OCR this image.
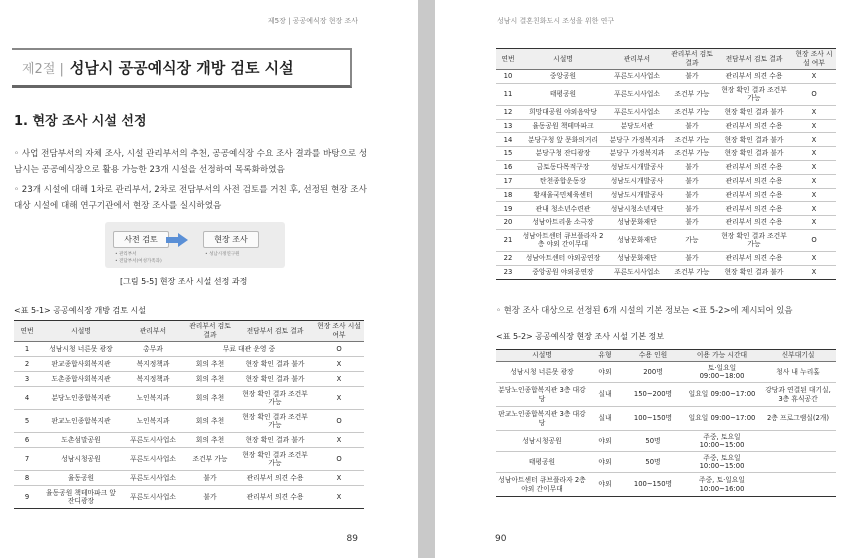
제5장 | 공공예식장 현장 조사
제2절 | 성남시 공공예식장 개방 검토 시설
1. 현장 조사 시설 선정
◦ 사업 전담부서의 자체 조사, 시설 관리부서의 추천, 공공예식장 수요 조사 결과를 바탕으로 성남시는 공공예식장으로 활용 가능한 23개 시설을 선정하여 목록화하였음
◦ 23개 시설에 대해 1차로 관리부서, 2차로 전담부서의 사전 검토를 거친 후, 선정된 현장 조사 대상 시설에 대해 연구기관에서 현장 조사를 실시하였음
사전 검토	현장 조사
• 관리부서
• 전담부서(여성가족과)
• 성남시정연구원
[그림 5-5] 현장 조사 시설 선정 과정
<표 5-1> 공공예식장 개방 검토 시설
연번	시설명	관리부서	관리부서 검토 결과	전담부서 검토 결과	현장 조사 시설 여부
1	성남시청 너른못 광장	총무과	무료 대관 운영 중		O
2	판교종합사회복지관	복지정책과	회의 추천	현장 확인 결과 불가	X
3	도촌종합사회복지관	복지정책과	회의 추천	현장 확인 결과 불가	X
4	분당노인종합복지관	노인복지과	회의 추천	현장 확인 결과 조건부 가능	X
5	판교노인종합복지관	노인복지과	회의 추천	현장 확인 결과 조건부 가능	O
6	도촌섬말공원	푸른도시사업소	회의 추천	현장 확인 결과 불가	X
7	성남시청공원	푸른도시사업소	조건부 가능	현장 확인 결과 조건부 가능	O
8	율동공원	푸른도시사업소	불가	관리부서 의견 수용	X
9	율동공원 책테마파크 앞 잔디광장	푸른도시사업소	불가	관리부서 의견 수용	X
89
성남시 결혼친화도시 조성을 위한 연구
90
연번	시설명	관리부서	관리부서 검토 결과	전담부서 검토 결과	현장 조사 시설 여부
10	중앙공원	푸른도시사업소	불가	관리부서 의견 수용	X
11	태평공원	푸른도시사업소	조건부 가능	현장 확인 결과 조건부 가능	O
12	희망대공원 야외음악당	푸른도시사업소	조건부 가능	현장 확인 결과 불가	X
13	율동공원 책테마파크	분당도서관	불가	관리부서 의견 수용	X
14	분당구청 앞 문화의거리	분당구 가정복지과	조건부 가능	현장 확인 결과 불가	X
15	분당구청 잔디광장	분당구 가정복지과	조건부 가능	현장 확인 결과 불가	X
16	금토동다목적구장	성남도시개발공사	불가	관리부서 의견 수용	X
17	탄천종합운동장	성남도시개발공사	불가	관리부서 의견 수용	X
18	황새울국민체육센터	성남도시개발공사	불가	관리부서 의견 수용	X
19	관내 청소년수련관	성남시청소년재단	불가	관리부서 의견 수용	X
20	성남아트리움 소극장	성남문화재단	불가	관리부서 의견 수용	X
21	성남아트센터 큐브플라자 2층 야외 간이무대	성남문화재단	가능	현장 확인 결과 조건부 가능	O
22	성남아트센터 야외공연장	성남문화재단	불가	관리부서 의견 수용	X
23	중앙공원 야외공연장	푸른도시사업소	조건부 가능	현장 확인 결과 불가	X
◦ 현장 조사 대상으로 선정된 6개 시설의 기본 정보는 <표 5-2>에 제시되어 있음
<표 5-2> 공공예식장 현장 조사 시설 기본 정보
시설명	유형	수용 인원	이용 가능 시간대	신부대기실
성남시청 너른못 광장	야외	200명	토·일요일 09:00~18:00	청사 내 누리홀
분당노인종합복지관 3층 대강당	실내	150~200명	일요일 09:00~17:00	강당과 연결된 대기실, 3층 휴식공간
판교노인종합복지관 3층 대강당	실내	100~150명	일요일 09:00~17:00	2층 프로그램실(2개)
성남시청공원	야외	50명	주중, 토요일 10:00~15:00	
태평공원	야외	50명	주중, 토요일 10:00~15:00	
성남아트센터 큐브플라자 2층 야외 간이무대	야외	100~150명	주중, 토·일요일 10:00~16:00	
